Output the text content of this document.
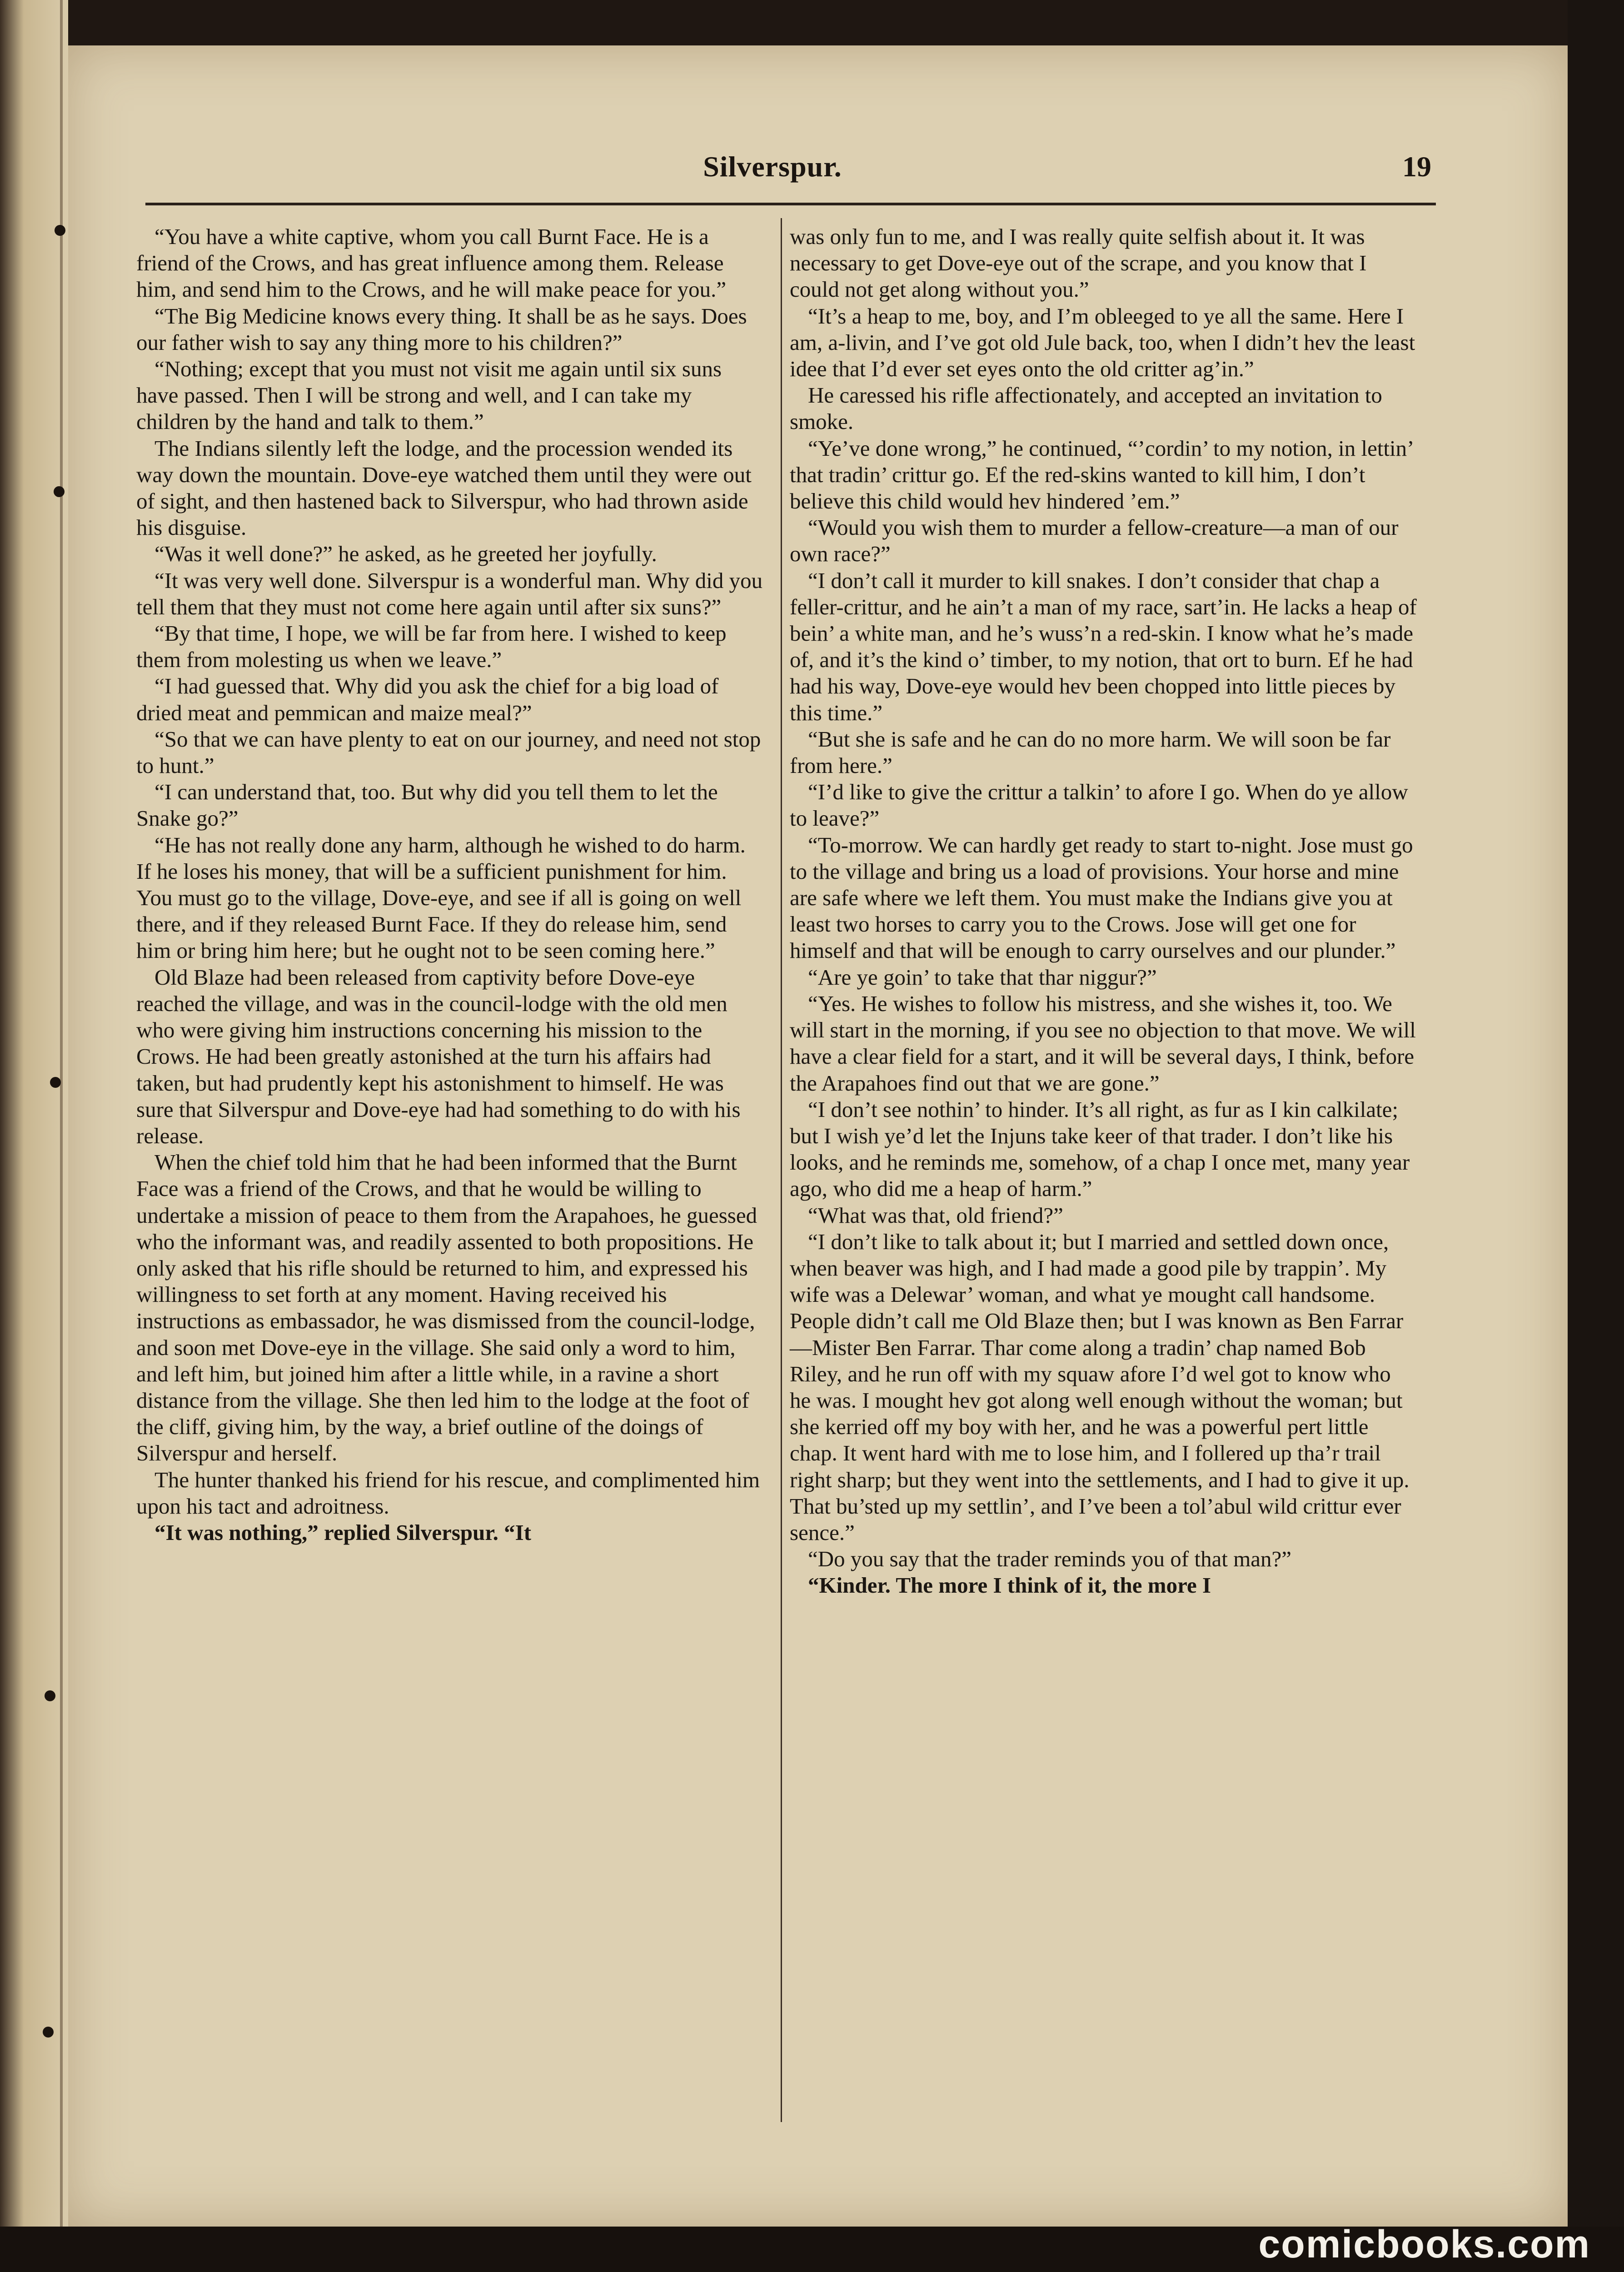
Silverspur.	19

“You have a white captive, whom you call Burnt Face. He is a friend of the Crows, and has great influence among them. Release him, and send him to the Crows, and he will make peace for you.”

“The Big Medicine knows every thing. It shall be as he says. Does our father wish to say any thing more to his children?”

“Nothing; except that you must not visit me again until six suns have passed. Then I will be strong and well, and I can take my children by the hand and talk to them.”

The Indians silently left the lodge, and the procession wended its way down the mountain. Dove-eye watched them until they were out of sight, and then hastened back to Silverspur, who had thrown aside his disguise.

“Was it well done?” he asked, as he greeted her joyfully.

“It was very well done. Silverspur is a wonderful man. Why did you tell them that they must not come here again until after six suns?”

“By that time, I hope, we will be far from here. I wished to keep them from molesting us when we leave.”

“I had guessed that. Why did you ask the chief for a big load of dried meat and pemmican and maize meal?”

“So that we can have plenty to eat on our journey, and need not stop to hunt.”

“I can understand that, too. But why did you tell them to let the Snake go?”

“He has not really done any harm, although he wished to do harm. If he loses his money, that will be a sufficient punishment for him. You must go to the village, Dove-eye, and see if all is going on well there, and if they released Burnt Face. If they do release him, send him or bring him here; but he ought not to be seen coming here.”

Old Blaze had been released from captivity before Dove-eye reached the village, and was in the council-lodge with the old men who were giving him instructions concerning his mission to the Crows. He had been greatly astonished at the turn his affairs had taken, but had prudently kept his astonishment to himself. He was sure that Silverspur and Dove-eye had had something to do with his release.

When the chief told him that he had been informed that the Burnt Face was a friend of the Crows, and that he would be willing to undertake a mission of peace to them from the Arapahoes, he guessed who the informant was, and readily assented to both propositions. He only asked that his rifle should be returned to him, and expressed his willingness to set forth at any moment. Having received his instructions as embassador, he was dismissed from the council-lodge, and soon met Dove-eye in the village. She said only a word to him, and left him, but joined him after a little while, in a ravine a short distance from the village. She then led him to the lodge at the foot of the cliff, giving him, by the way, a brief outline of the doings of Silverspur and herself.

The hunter thanked his friend for his rescue, and complimented him upon his tact and adroitness.

“It was nothing,” replied Silverspur. “It

was only fun to me, and I was really quite selfish about it. It was necessary to get Dove-eye out of the scrape, and you know that I could not get along without you.”

“It’s a heap to me, boy, and I’m obleeged to ye all the same. Here I am, a-livin, and I’ve got old Jule back, too, when I didn’t hev the least idee that I’d ever set eyes onto the old critter ag’in.”

He caressed his rifle affectionately, and accepted an invitation to smoke.

“Ye’ve done wrong,” he continued, “’cordin’ to my notion, in lettin’ that tradin’ crittur go. Ef the red-skins wanted to kill him, I don’t believe this child would hev hindered ’em.”

“Would you wish them to murder a fellow-creature—a man of our own race?”

“I don’t call it murder to kill snakes. I don’t consider that chap a feller-crittur, and he ain’t a man of my race, sart’in. He lacks a heap of bein’ a white man, and he’s wuss’n a red-skin. I know what he’s made of, and it’s the kind o’ timber, to my notion, that ort to burn. Ef he had had his way, Dove-eye would hev been chopped into little pieces by this time.”

“But she is safe and he can do no more harm. We will soon be far from here.”

“I’d like to give the crittur a talkin’ to afore I go. When do ye allow to leave?”

“To-morrow. We can hardly get ready to start to-night. Jose must go to the village and bring us a load of provisions. Your horse and mine are safe where we left them. You must make the Indians give you at least two horses to carry you to the Crows. Jose will get one for himself and that will be enough to carry ourselves and our plunder.”

“Are ye goin’ to take that thar niggur?”

“Yes. He wishes to follow his mistress, and she wishes it, too. We will start in the morning, if you see no objection to that move. We will have a clear field for a start, and it will be several days, I think, before the Arapahoes find out that we are gone.”

“I don’t see nothin’ to hinder. It’s all right, as fur as I kin calkilate; but I wish ye’d let the Injuns take keer of that trader. I don’t like his looks, and he reminds me, somehow, of a chap I once met, many year ago, who did me a heap of harm.”

“What was that, old friend?”

“I don’t like to talk about it; but I married and settled down once, when beaver was high, and I had made a good pile by trappin’. My wife was a Delewar’ woman, and what ye mought call handsome. People didn’t call me Old Blaze then; but I was known as Ben Farrar —Mister Ben Farrar. Thar come along a tradin’ chap named Bob Riley, and he run off with my squaw afore I’d wel got to know who he was. I mought hev got along well enough without the woman; but she kerried off my boy with her, and he was a powerful pert little chap. It went hard with me to lose him, and I follered up tha’r trail right sharp; but they went into the settlements, and I had to give it up. That bu’sted up my settlin’, and I’ve been a tol’abul wild crittur ever sence.”

“Do you say that the trader reminds you of that man?”

“Kinder. The more I think of it, the more I

comicbooks.com
